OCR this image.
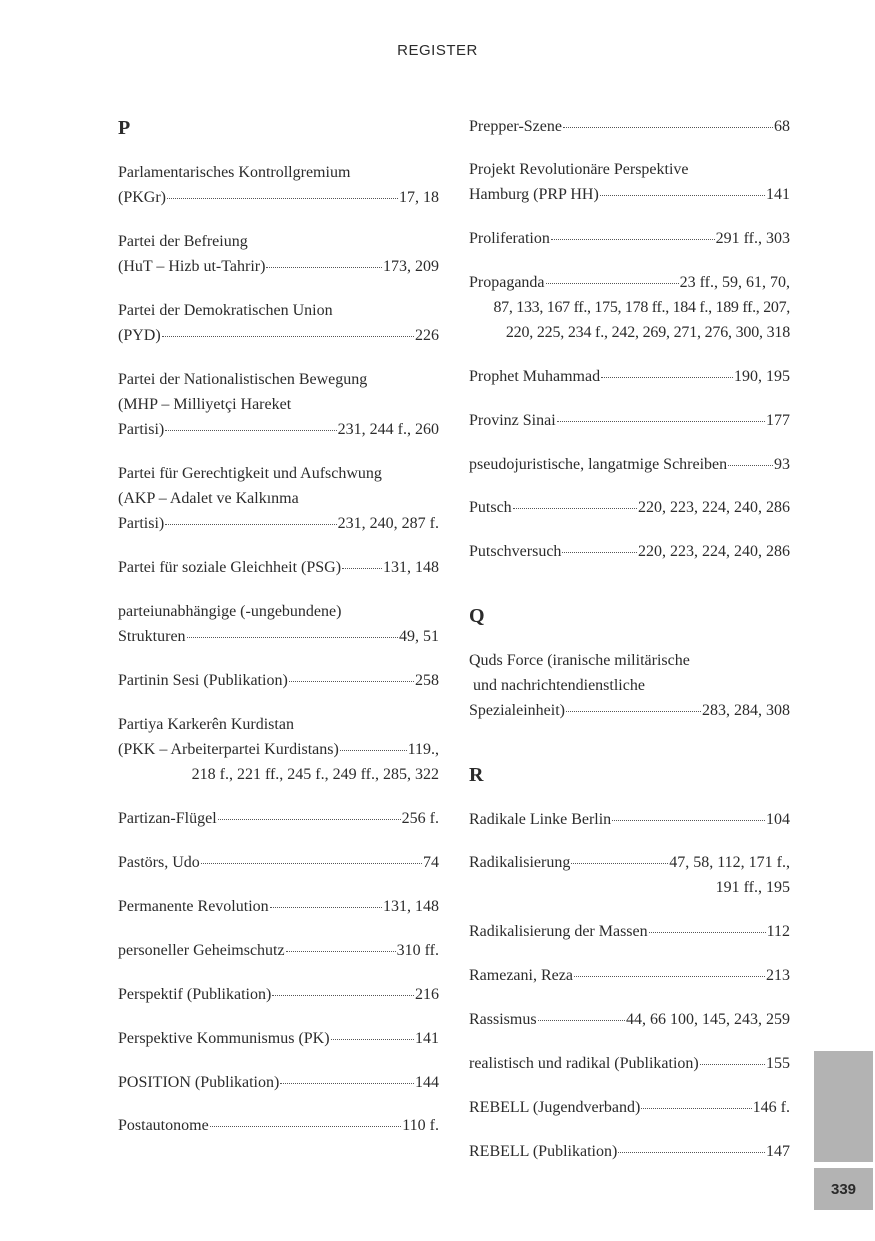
REGISTER
P
Parlamentarisches Kontrollgremium
(PKGr)	17, 18
Partei der Befreiung
(HuT – Hizb ut-Tahrir)	173, 209
Partei der Demokratischen Union
(PYD)	226
Partei der Nationalistischen Bewegung
(MHP – Milliyetçi Hareket
Partisi)	231, 244 f., 260
Partei für Gerechtigkeit und Aufschwung
(AKP – Adalet ve Kalkınma
Partisi)	231, 240, 287 f.
Partei für soziale Gleichheit (PSG)	131, 148
parteiunabhängige (-ungebundene)
Strukturen	49, 51
Partinin Sesi (Publikation)	258
Partiya Karkerên Kurdistan
(PKK – Arbeiterpartei Kurdistans)	119.,
218 f., 221 ff., 245 f., 249 ff., 285, 322
Partizan-Flügel	256 f.
Pastörs, Udo	74
Permanente Revolution	131, 148
personeller Geheimschutz	310 ff.
Perspektif (Publikation)	216
Perspektive Kommunismus (PK)	141
POSITION (Publikation)	144
Postautonome	110 f.
Prepper-Szene	68
Projekt Revolutionäre Perspektive
Hamburg (PRP HH)	141
Proliferation	291 ff., 303
Propaganda	23 ff., 59, 61, 70,
87, 133, 167 ff., 175, 178 ff., 184 f., 189 ff., 207,
220, 225, 234 f., 242, 269, 271, 276, 300, 318
Prophet Muhammad	190, 195
Provinz Sinai	177
pseudojuristische, langatmige Schreiben	93
Putsch	220, 223, 224, 240, 286
Putschversuch	220, 223, 224, 240, 286
Q
Quds Force (iranische militärische
und nachrichtendienstliche
Spezialeinheit)	283, 284, 308
R
Radikale Linke Berlin	104
Radikalisierung	47, 58, 112, 171 f.,
191 ff., 195
Radikalisierung der Massen	112
Ramezani, Reza	213
Rassismus	44, 66 100, 145, 243, 259
realistisch und radikal (Publikation)	155
REBELL (Jugendverband)	146 f.
REBELL (Publikation)	147
339
